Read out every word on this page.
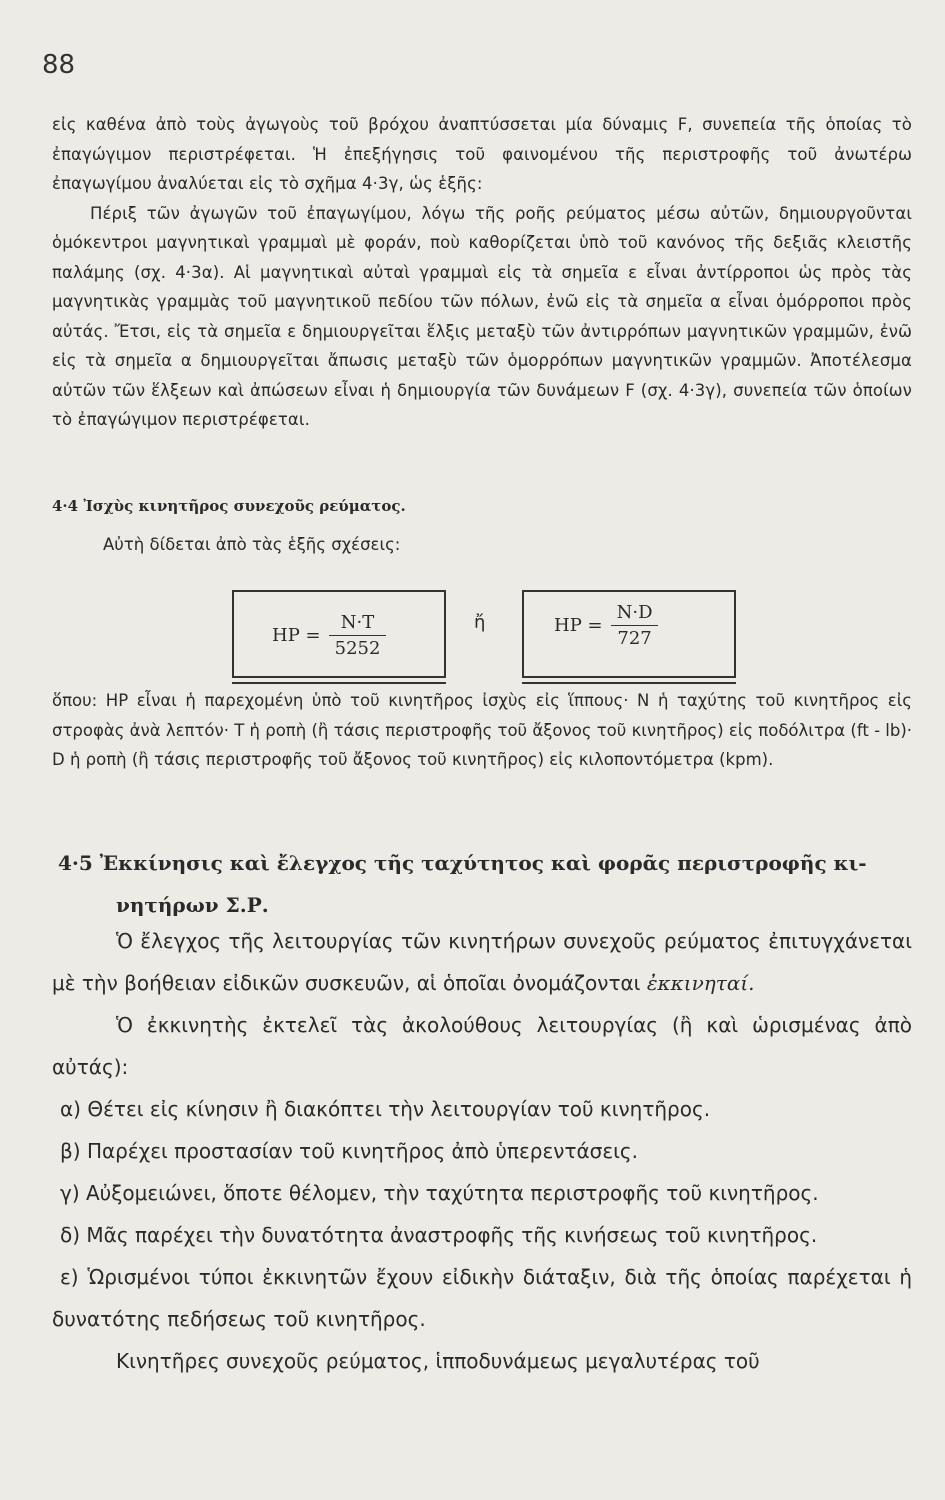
88
εἰς καθένα ἀπὸ τοὺς ἀγωγοὺς τοῦ βρόχου ἀναπτύσσεται μία δύναμις F, συνεπεία τῆς ὁποίας τὸ ἐπαγώγιμον περιστρέφεται. Ἡ ἐπεξήγησις τοῦ φαινομένου τῆς περιστροφῆς τοῦ ἀνωτέρω ἐπαγωγίμου ἀναλύεται εἰς τὸ σχῆμα 4·3γ, ὡς ἑξῆς:
Πέριξ τῶν ἀγωγῶν τοῦ ἐπαγωγίμου, λόγω τῆς ροῆς ρεύματος μέσω αὐτῶν, δημιουργοῦνται ὁμόκεντροι μαγνητικαὶ γραμμαὶ μὲ φοράν, ποὺ καθορίζεται ὑπὸ τοῦ κανόνος τῆς δεξιᾶς κλειστῆς παλάμης (σχ. 4·3α). Αἱ μαγνητικαὶ αὐταὶ γραμμαὶ εἰς τὰ σημεῖα ε εἶναι ἀντίρροποι ὡς πρὸς τὰς μαγνητικὰς γραμμὰς τοῦ μαγνητικοῦ πεδίου τῶν πόλων, ἐνῶ εἰς τὰ σημεῖα α εἶναι ὁμόρροποι πρὸς αὐτάς. Ἔτσι, εἰς τὰ σημεῖα ε δημιουργεῖται ἕλξις μεταξὺ τῶν ἀντιρρόπων μαγνητικῶν γραμμῶν, ἐνῶ εἰς τὰ σημεῖα α δημιουργεῖται ἄπωσις μεταξὺ τῶν ὁμορρόπων μαγνητικῶν γραμμῶν. Ἀποτέλεσμα αὐτῶν τῶν ἕλξεων καὶ ἀπώσεων εἶναι ἡ δημιουργία τῶν δυνάμεων F (σχ. 4·3γ), συνεπεία τῶν ὁποίων τὸ ἐπαγώγιμον περιστρέφεται.
4·4 Ἰσχὺς κινητῆρος συνεχοῦς ρεύματος.
Αὐτὴ δίδεται ἀπὸ τὰς ἑξῆς σχέσεις:
HP = $\frac{N\cdot T}{5252}$	ἤ	HP = $\frac{N\cdot D}{727}$
ὅπου: HP εἶναι ἡ παρεχομένη ὑπὸ τοῦ κινητῆρος ἰσχὺς εἰς ἵππους· N ἡ ταχύτης τοῦ κινητῆρος εἰς στροφὰς ἀνὰ λεπτόν· T ἡ ροπὴ (ἢ τάσις περιστροφῆς τοῦ ἄξονος τοῦ κινητῆρος) εἰς ποδόλιτρα (ft - lb)· D ἡ ροπὴ (ἢ τάσις περιστροφῆς τοῦ ἄξονος τοῦ κινητῆρος) εἰς κιλοποντόμετρα (kpm).
4·5 Ἐκκίνησις καὶ ἔλεγχος τῆς ταχύτητος καὶ φορᾶς περιστροφῆς κι-
νητήρων Σ.Ρ.
Ὁ ἔλεγχος τῆς λειτουργίας τῶν κινητήρων συνεχοῦς ρεύματος ἐπιτυγχάνεται μὲ τὴν βοήθειαν εἰδικῶν συσκευῶν, αἱ ὁποῖαι ὀνομάζονται ἐκκινηταί.
Ὁ ἐκκινητὴς ἐκτελεῖ τὰς ἀκολούθους λειτουργίας (ἢ καὶ ὡρισμένας ἀπὸ αὐτάς):
α) Θέτει εἰς κίνησιν ἢ διακόπτει τὴν λειτουργίαν τοῦ κινητῆρος.
β) Παρέχει προστασίαν τοῦ κινητῆρος ἀπὸ ὑπερεντάσεις.
γ) Αὐξομειώνει, ὅποτε θέλομεν, τὴν ταχύτητα περιστροφῆς τοῦ κινητῆρος.
δ) Μᾶς παρέχει τὴν δυνατότητα ἀναστροφῆς τῆς κινήσεως τοῦ κινητῆρος.
ε) Ὡρισμένοι τύποι ἐκκινητῶν ἔχουν εἰδικὴν διάταξιν, διὰ τῆς ὁποίας παρέχεται ἡ δυνατότης πεδήσεως τοῦ κινητῆρος.
Κινητῆρες συνεχοῦς ρεύματος, ἱπποδυνάμεως μεγαλυτέρας τοῦ
